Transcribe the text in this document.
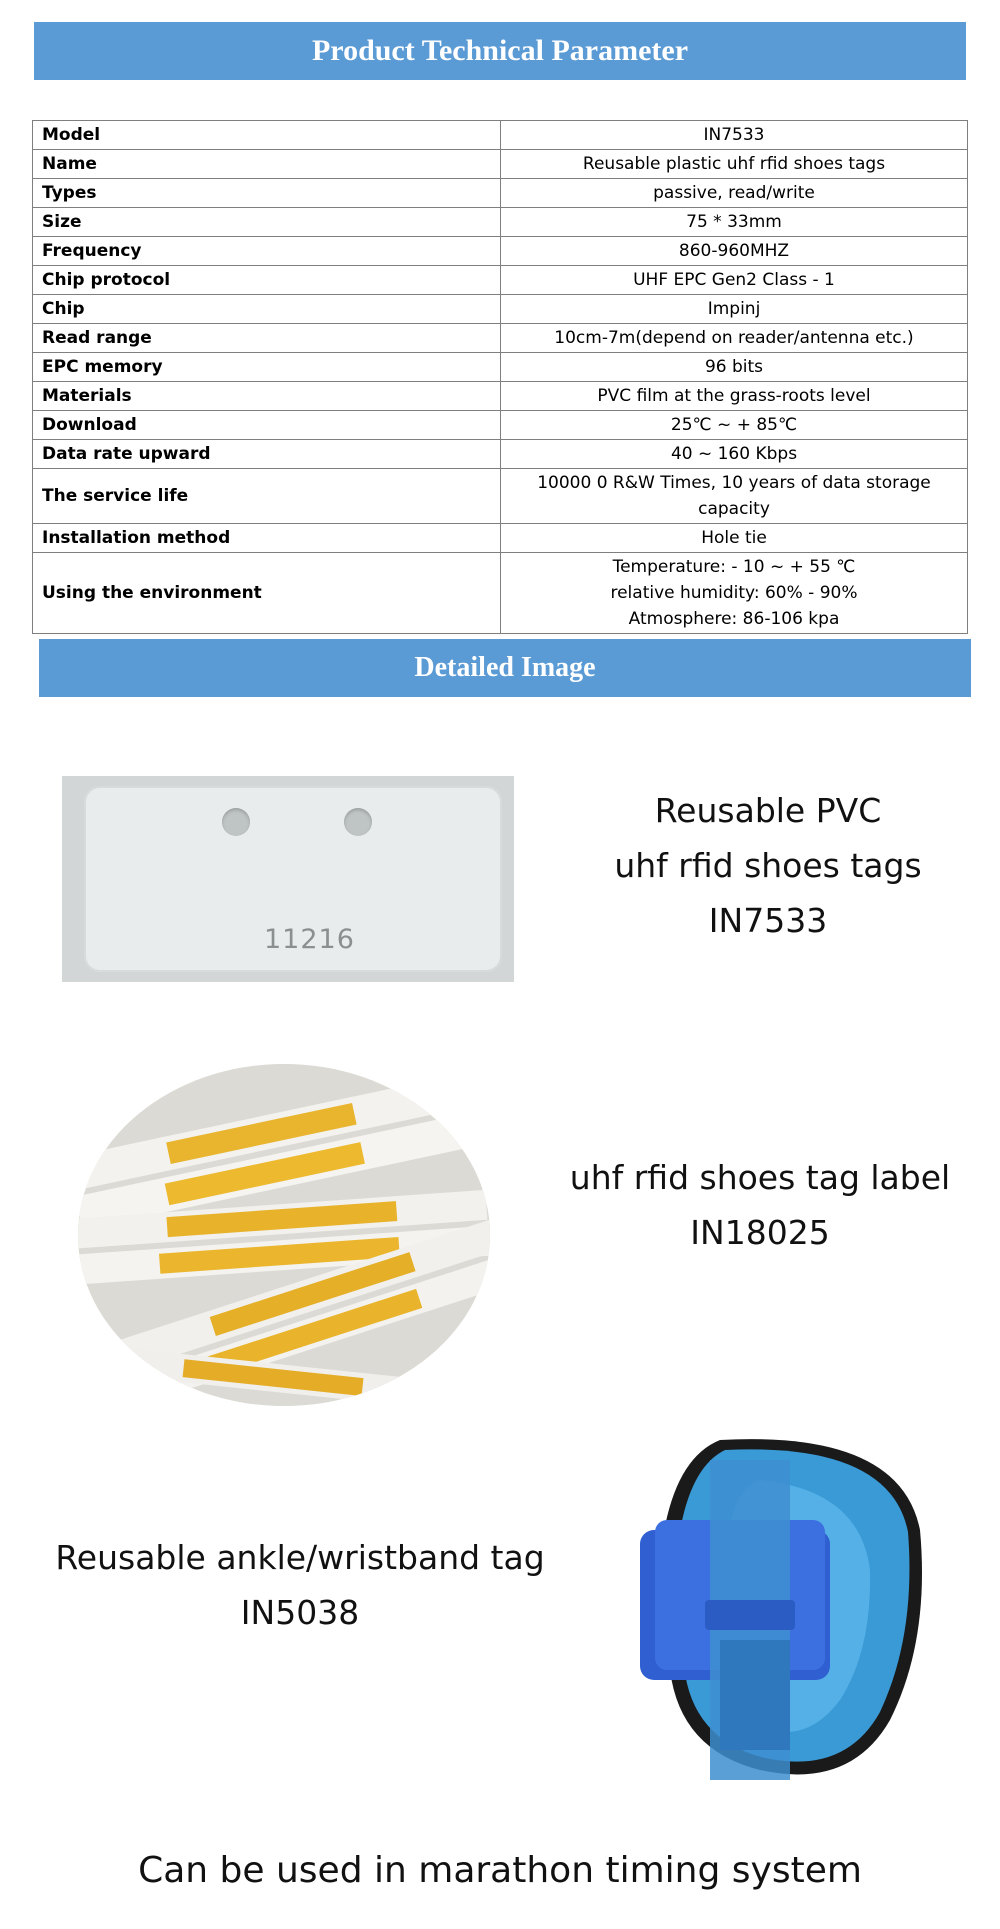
Product Technical Parameter
Model	IN7533
Name	Reusable plastic uhf rfid shoes tags
Types	passive, read/write
Size	75 * 33mm
Frequency	860-960MHZ
Chip protocol	UHF EPC Gen2 Class - 1
Chip	Impinj
Read range	10cm-7m(depend on reader/antenna etc.)
EPC memory	96 bits
Materials	PVC film at the grass-roots level
Download	25℃ ~ + 85℃
Data rate upward	40 ~ 160 Kbps
The service life	10000 0 R&W Times, 10 years of data storage
capacity

Installation method	Hole tie
Using the environment	Temperature: - 10 ~ + 55 ℃
relative humidity: 60% - 90%
Atmosphere: 86-106 kpa
Detailed Image
11216
Reusable PVC
uhf rfid shoes tags
IN7533
uhf rfid shoes tag label
IN18025
Reusable ankle/wristband tag
IN5038
Can be used in marathon timing system
